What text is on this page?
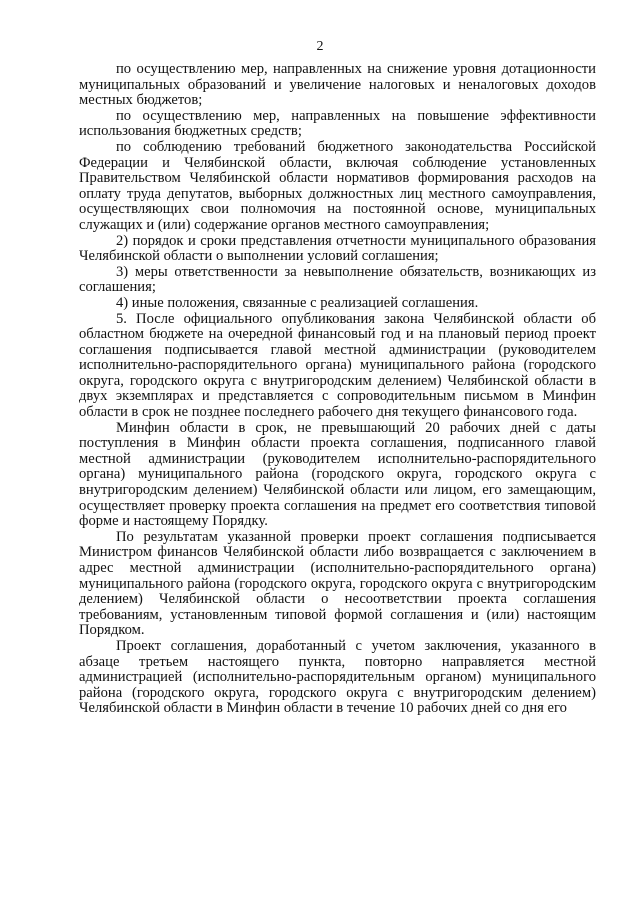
2

по осуществлению мер, направленных на снижение уровня дотационности муниципальных образований и увеличение налоговых и неналоговых доходов местных бюджетов;

по осуществлению мер, направленных на повышение эффективности использования бюджетных средств;

по соблюдению требований бюджетного законодательства Российской Федерации и Челябинской области, включая соблюдение установленных Правительством Челябинской области нормативов формирования расходов на оплату труда депутатов, выборных должностных лиц местного самоуправления, осуществляющих свои полномочия на постоянной основе, муниципальных служащих и (или) содержание органов местного самоуправления;

2) порядок и сроки представления отчетности муниципального образования Челябинской области о выполнении условий соглашения;

3) меры ответственности за невыполнение обязательств, возникающих из соглашения;

4) иные положения, связанные с реализацией соглашения.

5. После официального опубликования закона Челябинской области об областном бюджете на очередной финансовый год и на плановый период проект соглашения подписывается главой местной администрации (руководителем исполнительно-распорядительного органа) муниципального района (городского округа, городского округа с внутригородским делением) Челябинской области в двух экземплярах и представляется с сопроводительным письмом в Минфин области в срок не позднее последнего рабочего дня текущего финансового года.

Минфин области в срок, не превышающий 20 рабочих дней с даты поступления в Минфин области проекта соглашения, подписанного главой местной администрации (руководителем исполнительно-распорядительного органа) муниципального района (городского округа, городского округа с внутригородским делением) Челябинской области или лицом, его замещающим, осуществляет проверку проекта соглашения на предмет его соответствия типовой форме и настоящему Порядку.

По результатам указанной проверки проект соглашения подписывается Министром финансов Челябинской области либо возвращается с заключением в адрес местной администрации (исполнительно-распорядительного органа) муниципального района (городского округа, городского округа с внутригородским делением) Челябинской области о несоответствии проекта соглашения требованиям, установленным типовой формой соглашения и (или) настоящим Порядком.

Проект соглашения, доработанный с учетом заключения, указанного в абзаце третьем настоящего пункта, повторно направляется местной администрацией (исполнительно-распорядительным органом) муниципального района (городского округа, городского округа с внутригородским делением) Челябинской области в Минфин области в течение 10 рабочих дней со дня его
